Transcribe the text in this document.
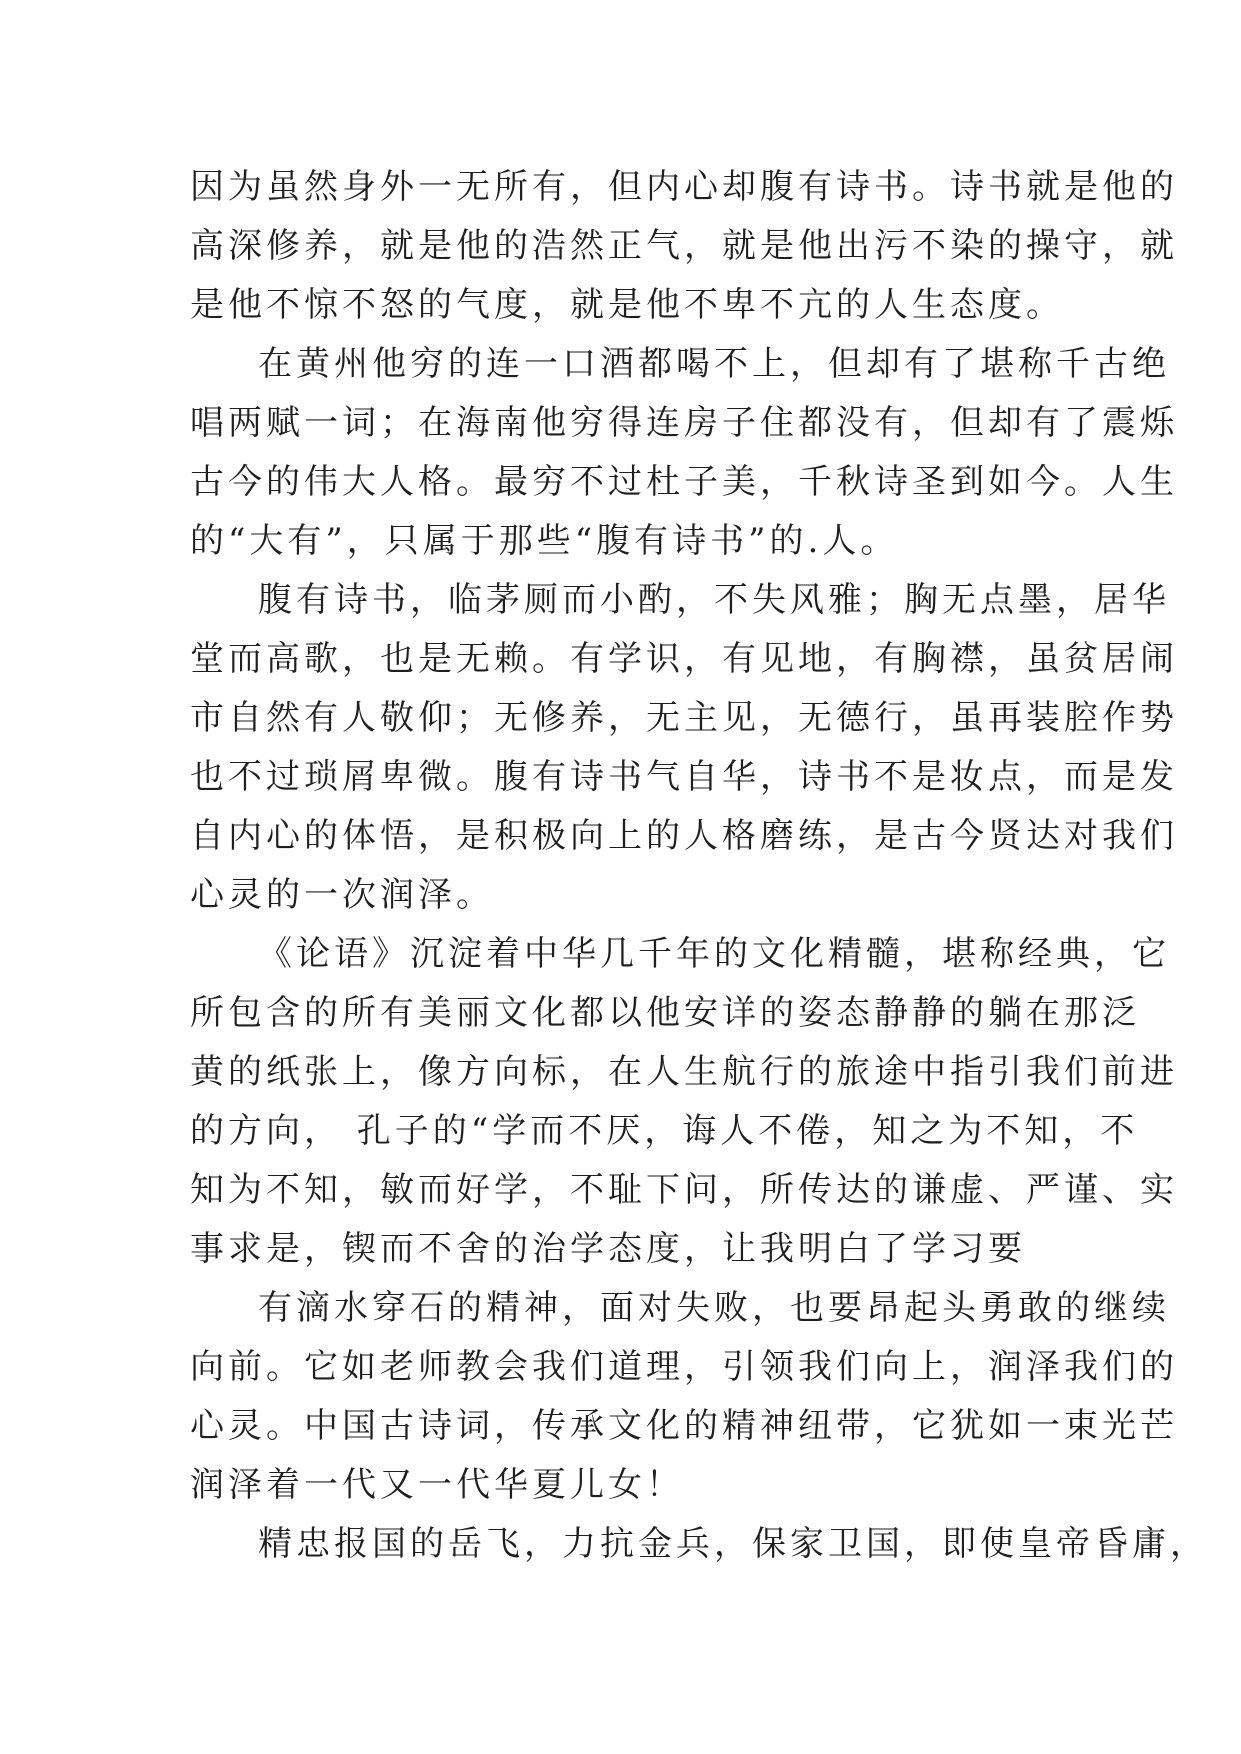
因为虽然身外一无所有，但内心却腹有诗书。诗书就是他的
高深修养，就是他的浩然正气，就是他出污不染的操守，就
是他不惊不怒的气度，就是他不卑不亢的人生态度。
在黄州他穷的连一口酒都喝不上，但却有了堪称千古绝
唱两赋一词；在海南他穷得连房子住都没有，但却有了震烁
古今的伟大人格。最穷不过杜子美，千秋诗圣到如今。人生
的“大有”，只属于那些“腹有诗书”的.人。
腹有诗书，临茅厕而小酌，不失风雅；胸无点墨，居华
堂而高歌，也是无赖。有学识，有见地，有胸襟，虽贫居闹
市自然有人敬仰；无修养，无主见，无德行，虽再装腔作势
也不过琐屑卑微。腹有诗书气自华，诗书不是妆点，而是发
自内心的体悟，是积极向上的人格磨练，是古今贤达对我们
心灵的一次润泽。
《论语》沉淀着中华几千年的文化精髓，堪称经典，它
所包含的所有美丽文化都以他安详的姿态静静的躺在那泛
黄的纸张上，像方向标，在人生航行的旅途中指引我们前进
的方向， 孔子的“学而不厌，诲人不倦，知之为不知，不
知为不知，敏而好学，不耻下问，所传达的谦虚、严谨、实
事求是，锲而不舍的治学态度，让我明白了学习要
有滴水穿石的精神，面对失败，也要昂起头勇敢的继续
向前。它如老师教会我们道理，引领我们向上，润泽我们的
心灵。中国古诗词，传承文化的精神纽带，它犹如一束光芒
润泽着一代又一代华夏儿女！
精忠报国的岳飞，力抗金兵，保家卫国，即使皇帝昏庸，
